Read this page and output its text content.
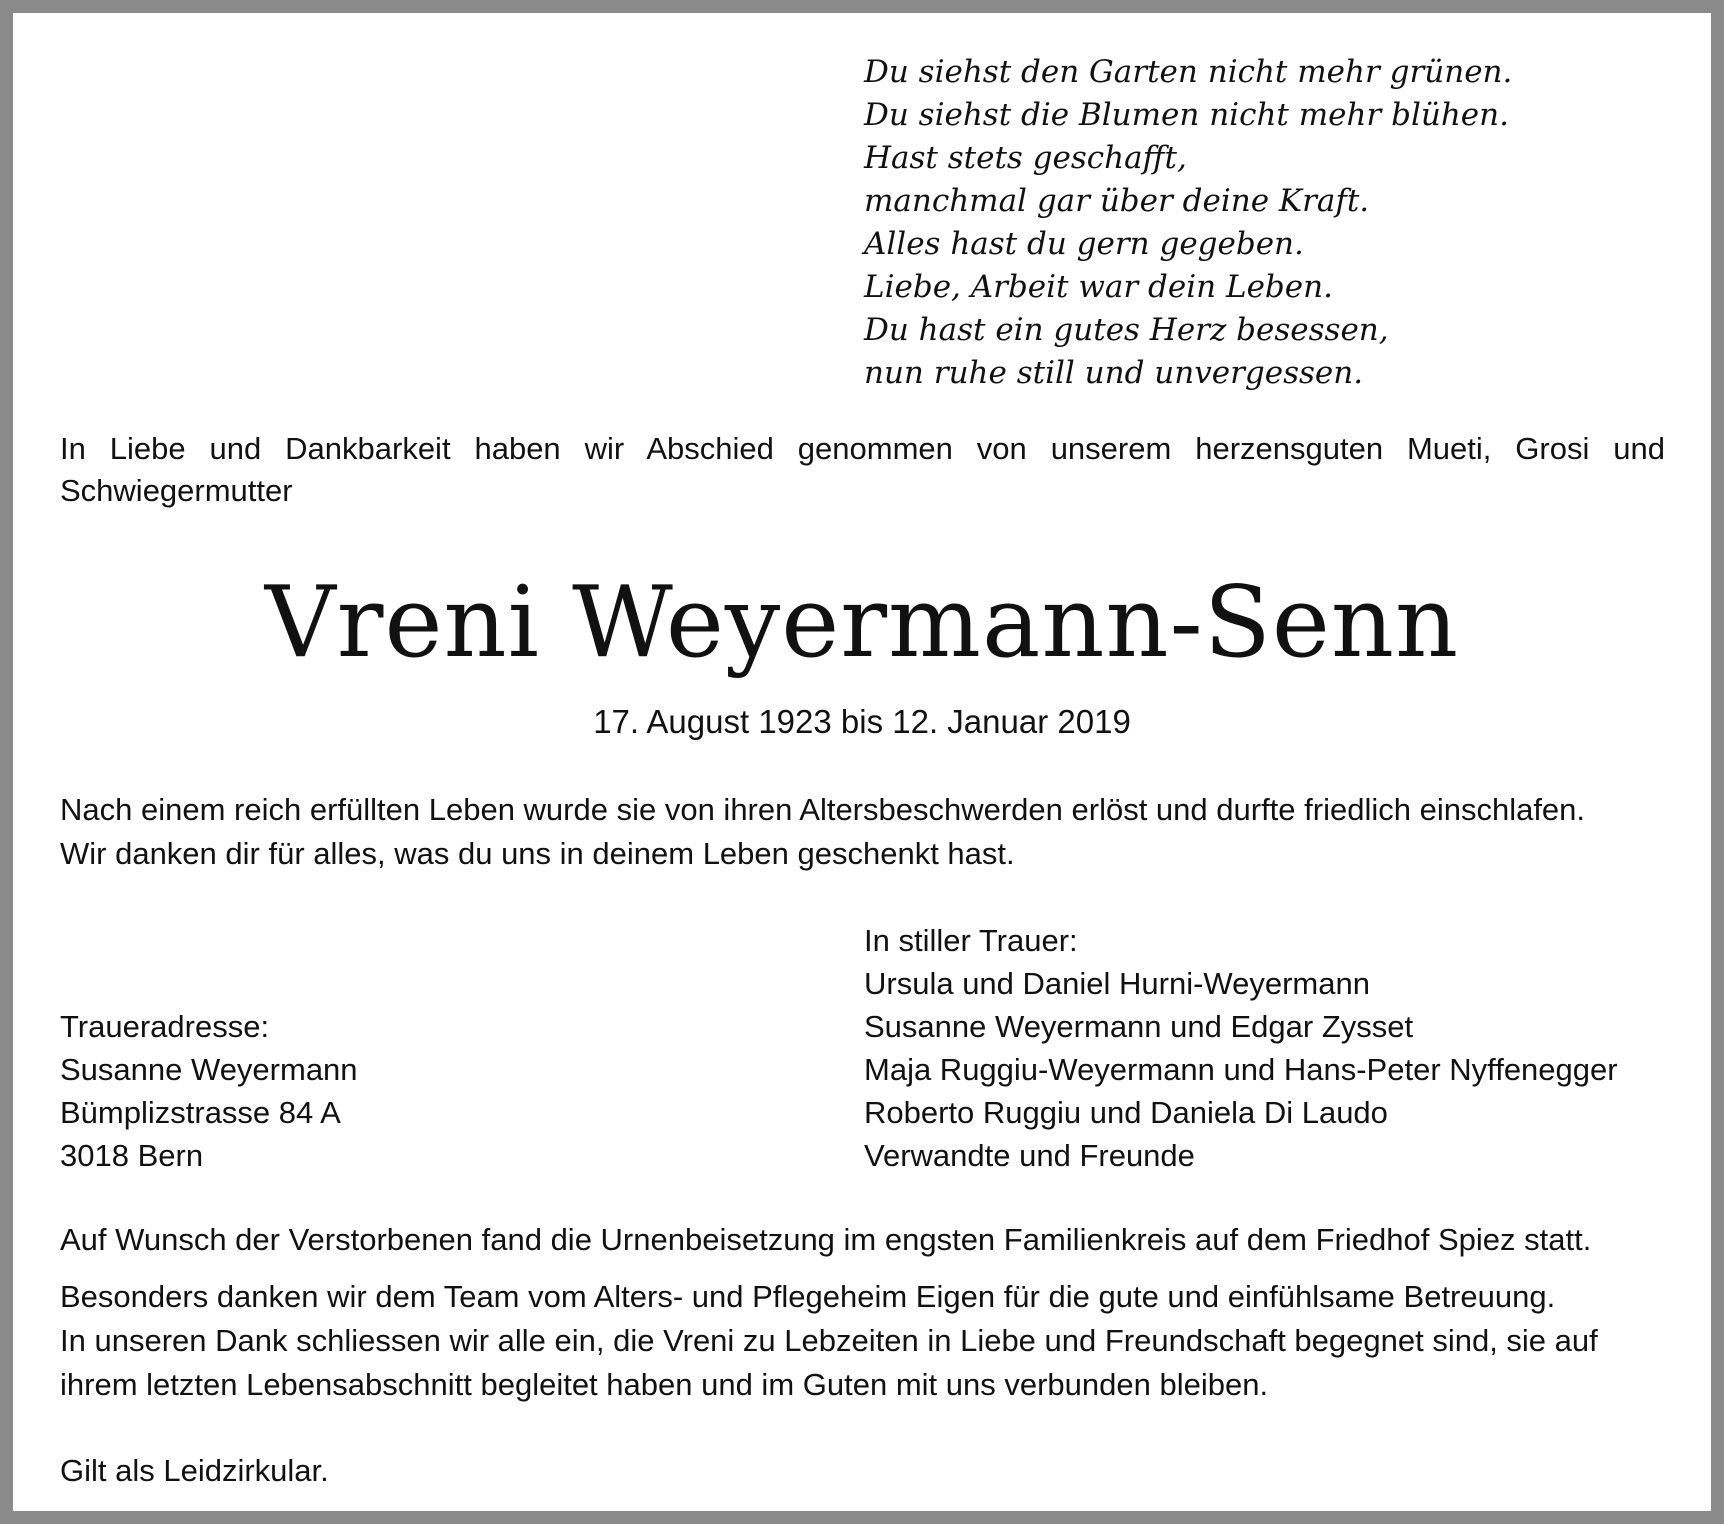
Du siehst den Garten nicht mehr grünen.
Du siehst die Blumen nicht mehr blühen.
Hast stets geschafft,
manchmal gar über deine Kraft.
Alles hast du gern gegeben.
Liebe, Arbeit war dein Leben.
Du hast ein gutes Herz besessen,
nun ruhe still und unvergessen.
In Liebe und Dankbarkeit haben wir Abschied genommen von unserem herzensguten Mueti, Grosi und Schwiegermutter
Vreni Weyermann-Senn
17. August 1923 bis 12. Januar 2019
Nach einem reich erfüllten Leben wurde sie von ihren Altersbeschwerden erlöst und durfte friedlich einschlafen.
Wir danken dir für alles, was du uns in deinem Leben geschenkt hast.
In stiller Trauer:
Ursula und Daniel Hurni-Weyermann
Susanne Weyermann und Edgar Zysset
Maja Ruggiu-Weyermann und Hans-Peter Nyffenegger
Roberto Ruggiu und Daniela Di Laudo
Verwandte und Freunde
Traueradresse:
Susanne Weyermann
Bümplizstrasse 84 A
3018 Bern
Auf Wunsch der Verstorbenen fand die Urnenbeisetzung im engsten Familienkreis auf dem Friedhof Spiez statt.
Besonders danken wir dem Team vom Alters- und Pflegeheim Eigen für die gute und einfühlsame Betreuung.
In unseren Dank schliessen wir alle ein, die Vreni zu Lebzeiten in Liebe und Freundschaft begegnet sind, sie auf
ihrem letzten Lebensabschnitt begleitet haben und im Guten mit uns verbunden bleiben.
Gilt als Leidzirkular.
